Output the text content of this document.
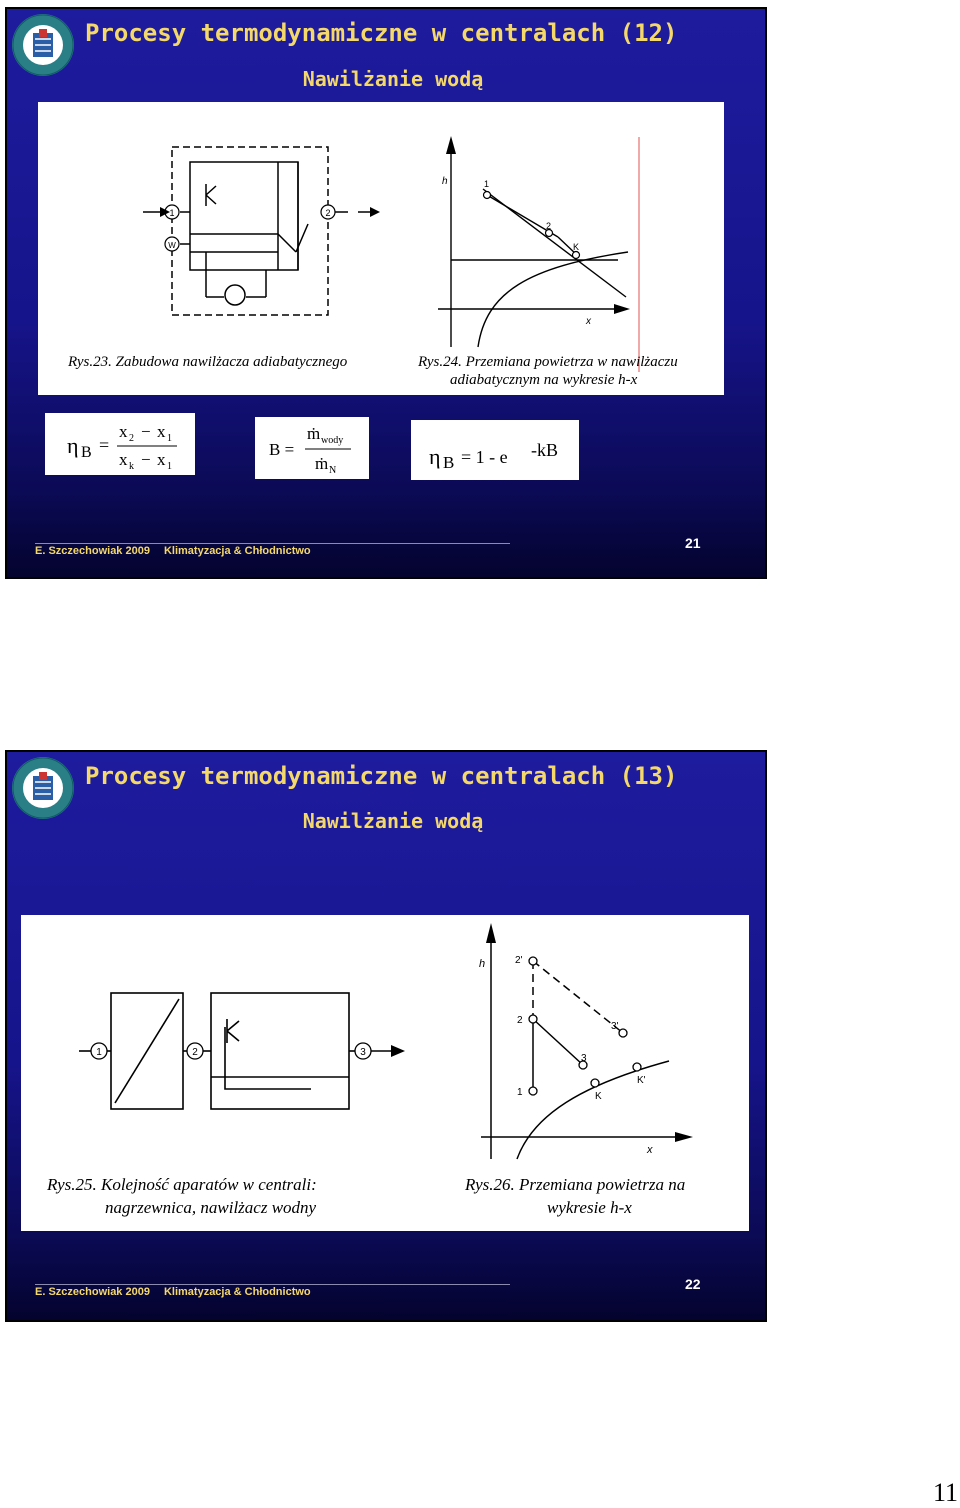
Procesy termodynamiczne w centralach (12)
Nawilżanie wodą
1	2
W
Rys.23. Zabudowa nawilżacza adiabatycznego
h
x
1
2
K
Rys.24. Przemiana powietrza w nawilżaczu
adiabatycznym na wykresie h-x
η B =
x 2 − x 1
x k − x 1
B =
ṁ wody
ṁ N
η B = 1 - e -kB
E. Szczechowiak 2009 Klimatyzacja & Chłodnictwo	21
Procesy termodynamiczne w centralach (13)
Nawilżanie wodą
1	2	3
Rys.25. Kolejność aparatów w centrali:
nagrzewnica, nawilżacz wodny
h
x
1
2
2'
3
3'
K
K'
Rys.26. Przemiana powietrza na
wykresie h-x
E. Szczechowiak 2009 Klimatyzacja & Chłodnictwo	22
11
